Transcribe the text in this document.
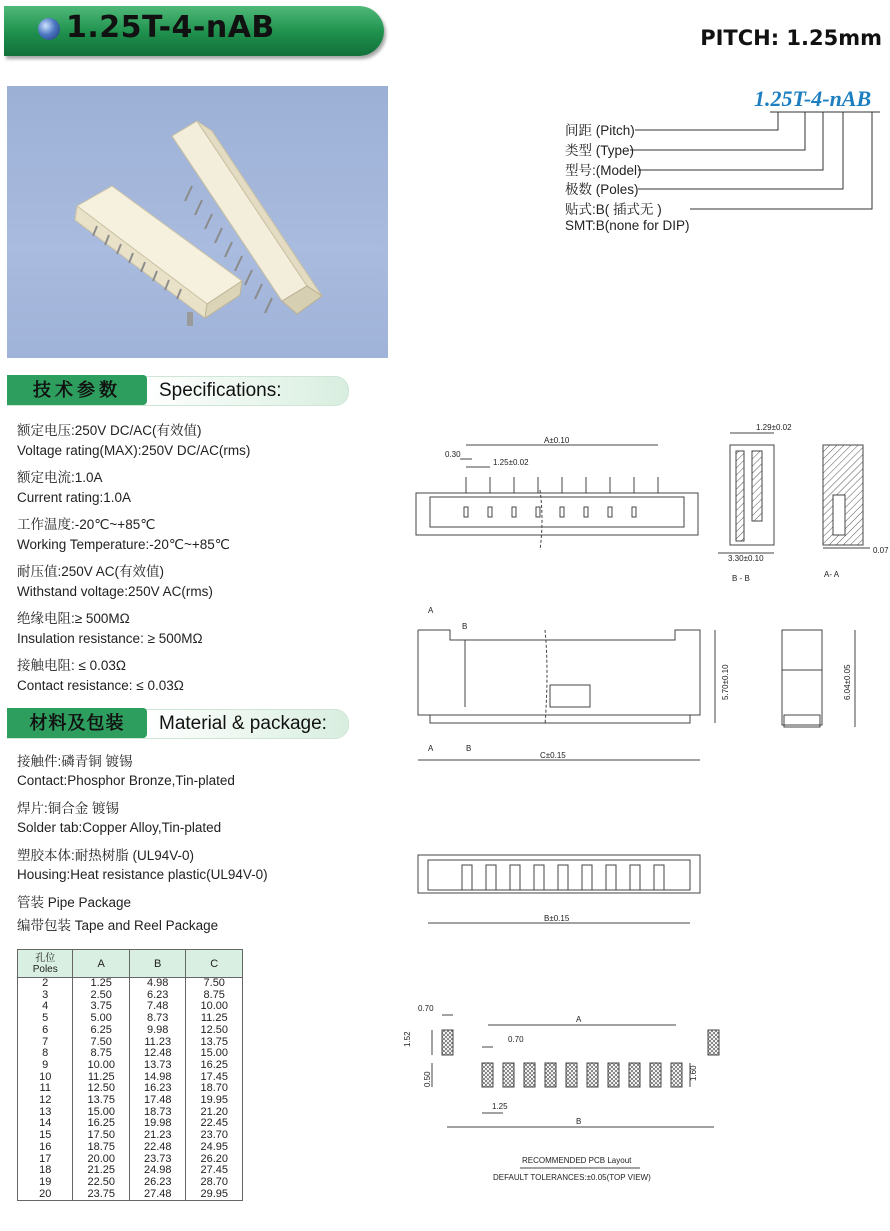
1.25T-4-nAB	PITCH: 1.25mm
1.25T-4-nAB
间距 (Pitch)
类型 (Type)
型号:(Model)
极数 (Poles)
贴式:B( 插式无 )
SMT:B(none for DIP)
技术参数	Specifications:
额定电压:250V DC/AC(有效值)
Voltage rating(MAX):250V DC/AC(rms)
额定电流:1.0A
Current rating:1.0A
工作温度:-20℃~+85℃
Working Temperature:-20℃~+85℃
耐压值:250V AC(有效值)
Withstand voltage:250V AC(rms)
绝缘电阻:≥ 500MΩ
Insulation resistance: ≥ 500MΩ
接触电阻: ≤ 0.03Ω
Contact resistance: ≤ 0.03Ω
材料及包装	Material & package:
接触件:磷青铜 镀锡
Contact:Phosphor Bronze,Tin-plated
焊片:铜合金 镀锡
Solder tab:Copper Alloy,Tin-plated
塑胶本体:耐热树脂 (UL94V-0)
Housing:Heat resistance plastic(UL94V-0)
管装 Pipe Package
编带包装 Tape and Reel Package
孔位
Poles	A	B	C
2	1.25	4.98	7.50
3	2.50	6.23	8.75
4	3.75	7.48	10.00
5	5.00	8.73	11.25
6	6.25	9.98	12.50
7	7.50	11.23	13.75
8	8.75	12.48	15.00
9	10.00	13.73	16.25
10	11.25	14.98	17.45
11	12.50	16.23	18.70
12	13.75	17.48	19.95
13	15.00	18.73	21.20
14	16.25	19.98	22.45
15	17.50	21.23	23.70
16	18.75	22.48	24.95
17	20.00	23.73	26.20
18	21.25	24.98	27.45
19	22.50	26.23	28.70
20	23.75	27.48	29.95
A±0.10
1.25±0.02
0.30
1.29±0.02
3.30±0.10
B - B
0.07
A- A
A
B
A	B
C±0.15
5.70±0.10	6.04±0.05
B±0.15
0.70
1.52
A
0.70
0.50	1.60
1.25
B
RECOMMENDED PCB Layout
DEFAULT TOLERANCES:±0.05(TOP VIEW)
